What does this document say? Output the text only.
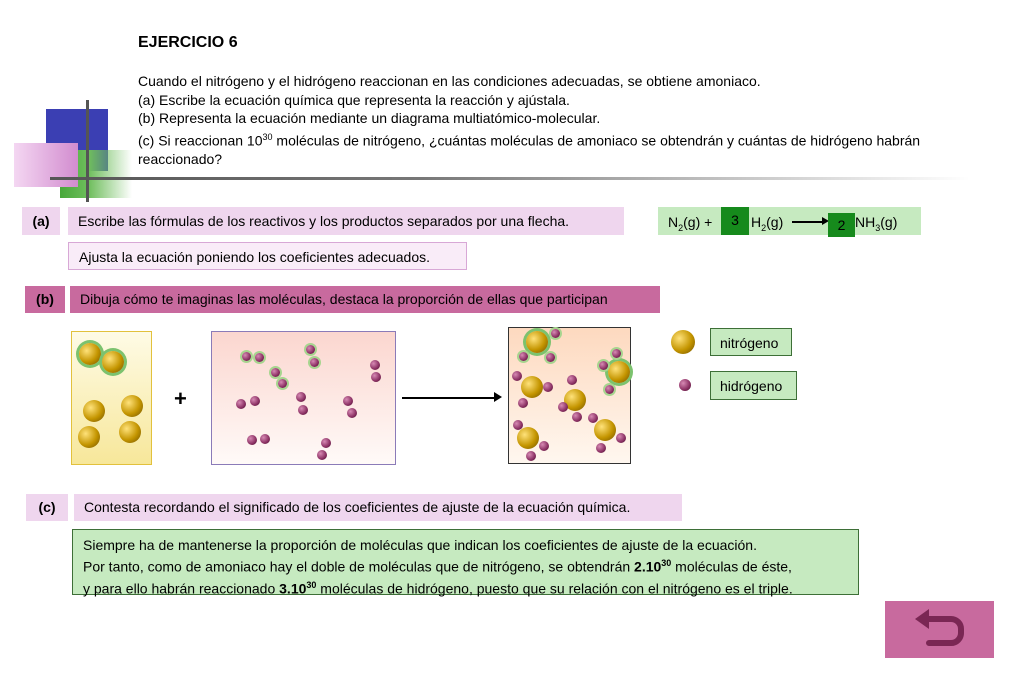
EJERCICIO 6
Cuando el nitrógeno y el hidrógeno reaccionan en las condiciones adecuadas, se obtiene amoniaco.
(a) Escribe la ecuación química que representa la reacción y ajústala.
(b) Representa la ecuación mediante un diagrama multiatómico-molecular.
(c) Si reaccionan $10^{30}$ moléculas de nitrógeno, ¿cuántas moléculas de amoniaco se obtendrán y cuántas de hidrógeno habrán
reaccionado?
(a)	Escribe las fórmulas de los reactivos y los productos separados por una flecha.
Ajusta la ecuación poniendo los coeficientes adecuados.
$N_2(g)$ +	3 $H_2(g)$	2 $NH_3(g)$
(b)	Dibuja cómo te imaginas las moléculas, destaca la proporción de ellas que participan
+
nitrógeno
hidrógeno
(c)	Contesta recordando el significado de los coeficientes de ajuste de la ecuación química.
Siempre ha de mantenerse la proporción de moléculas que indican los coeficientes de ajuste de la ecuación.
Por tanto, como de amoniaco hay el doble de moléculas que de nitrógeno, se obtendrán 2.10$^{30}$ moléculas de éste,
y para ello habrán reaccionado 3.10$^{30}$ moléculas de hidrógeno, puesto que su relación con el nitrógeno es el triple.
